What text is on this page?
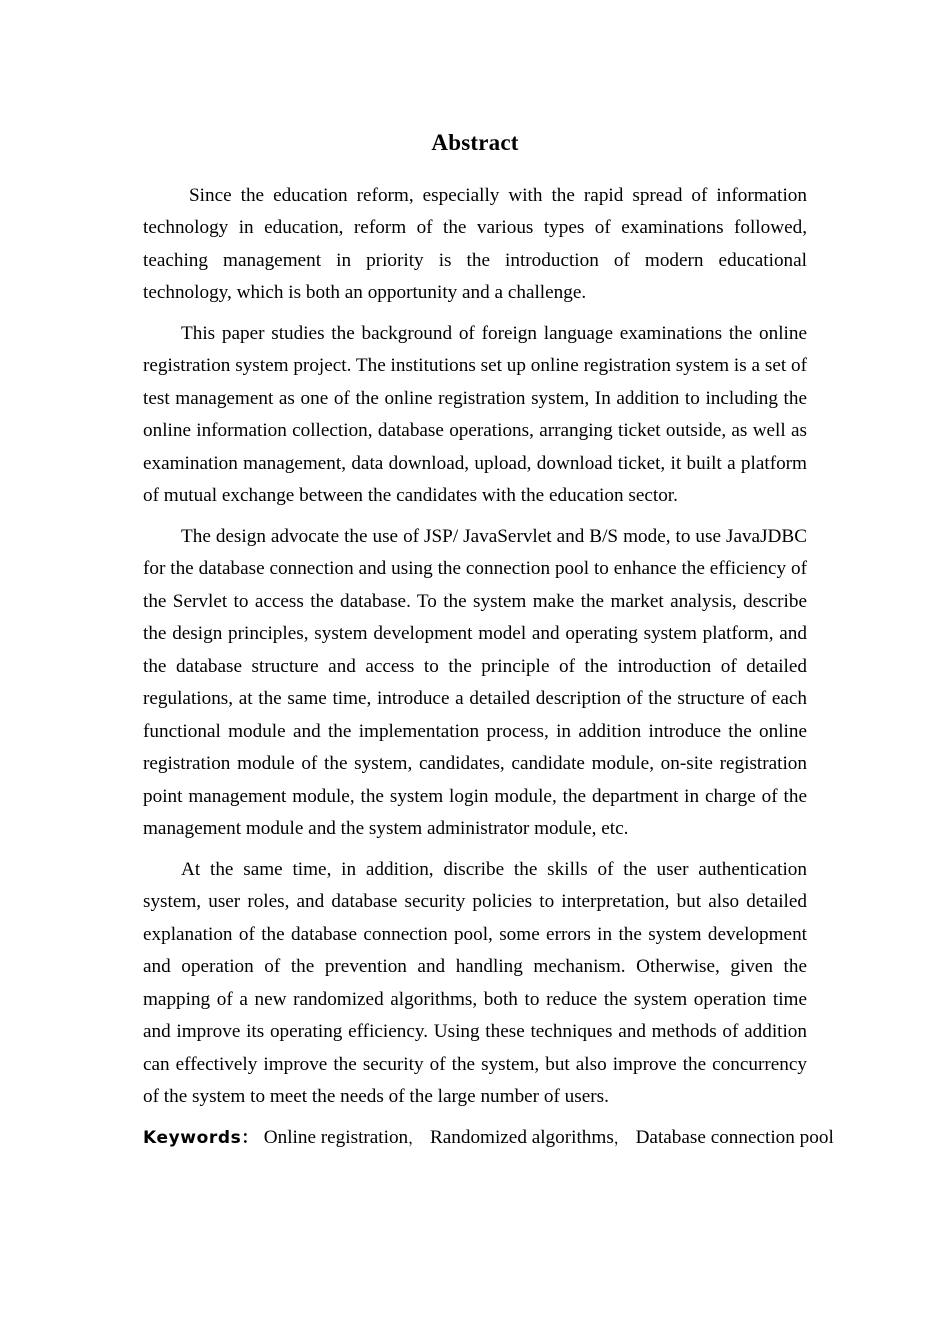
Abstract

Since the education reform, especially with the rapid spread of information technology in education, reform of the various types of examinations followed, teaching management in priority is the introduction of modern educational technology, which is both an opportunity and a challenge.

This paper studies the background of foreign language examinations the online registration system project. The institutions set up online registration system is a set of test management as one of the online registration system, In addition to including the online information collection, database operations, arranging ticket outside, as well as examination management, data download, upload, download ticket, it built a platform of mutual exchange between the candidates with the education sector.

The design advocate the use of JSP/ JavaServlet and B/S mode, to use JavaJDBC for the database connection and using the connection pool to enhance the efficiency of the Servlet to access the database. To the system make the market analysis, describe the design principles, system development model and operating system platform, and the database structure and access to the principle of the introduction of detailed regulations, at the same time, introduce a detailed description of the structure of each functional module and the implementation process, in addition introduce the online registration module of the system, candidates, candidate module, on-site registration point management module, the system login module, the department in charge of the management module and the system administrator module, etc.

At the same time, in addition, discribe the skills of the user authentication system, user roles, and database security policies to interpretation, but also detailed explanation of the database connection pool, some errors in the system development and operation of the prevention and handling mechanism. Otherwise, given the mapping of a new randomized algorithms, both to reduce the system operation time and improve its operating efficiency. Using these techniques and methods of addition can effectively improve the security of the system, but also improve the concurrency of the system to meet the needs of the large number of users.

Keywords： Online registration， Randomized algorithms， Database connection pool
